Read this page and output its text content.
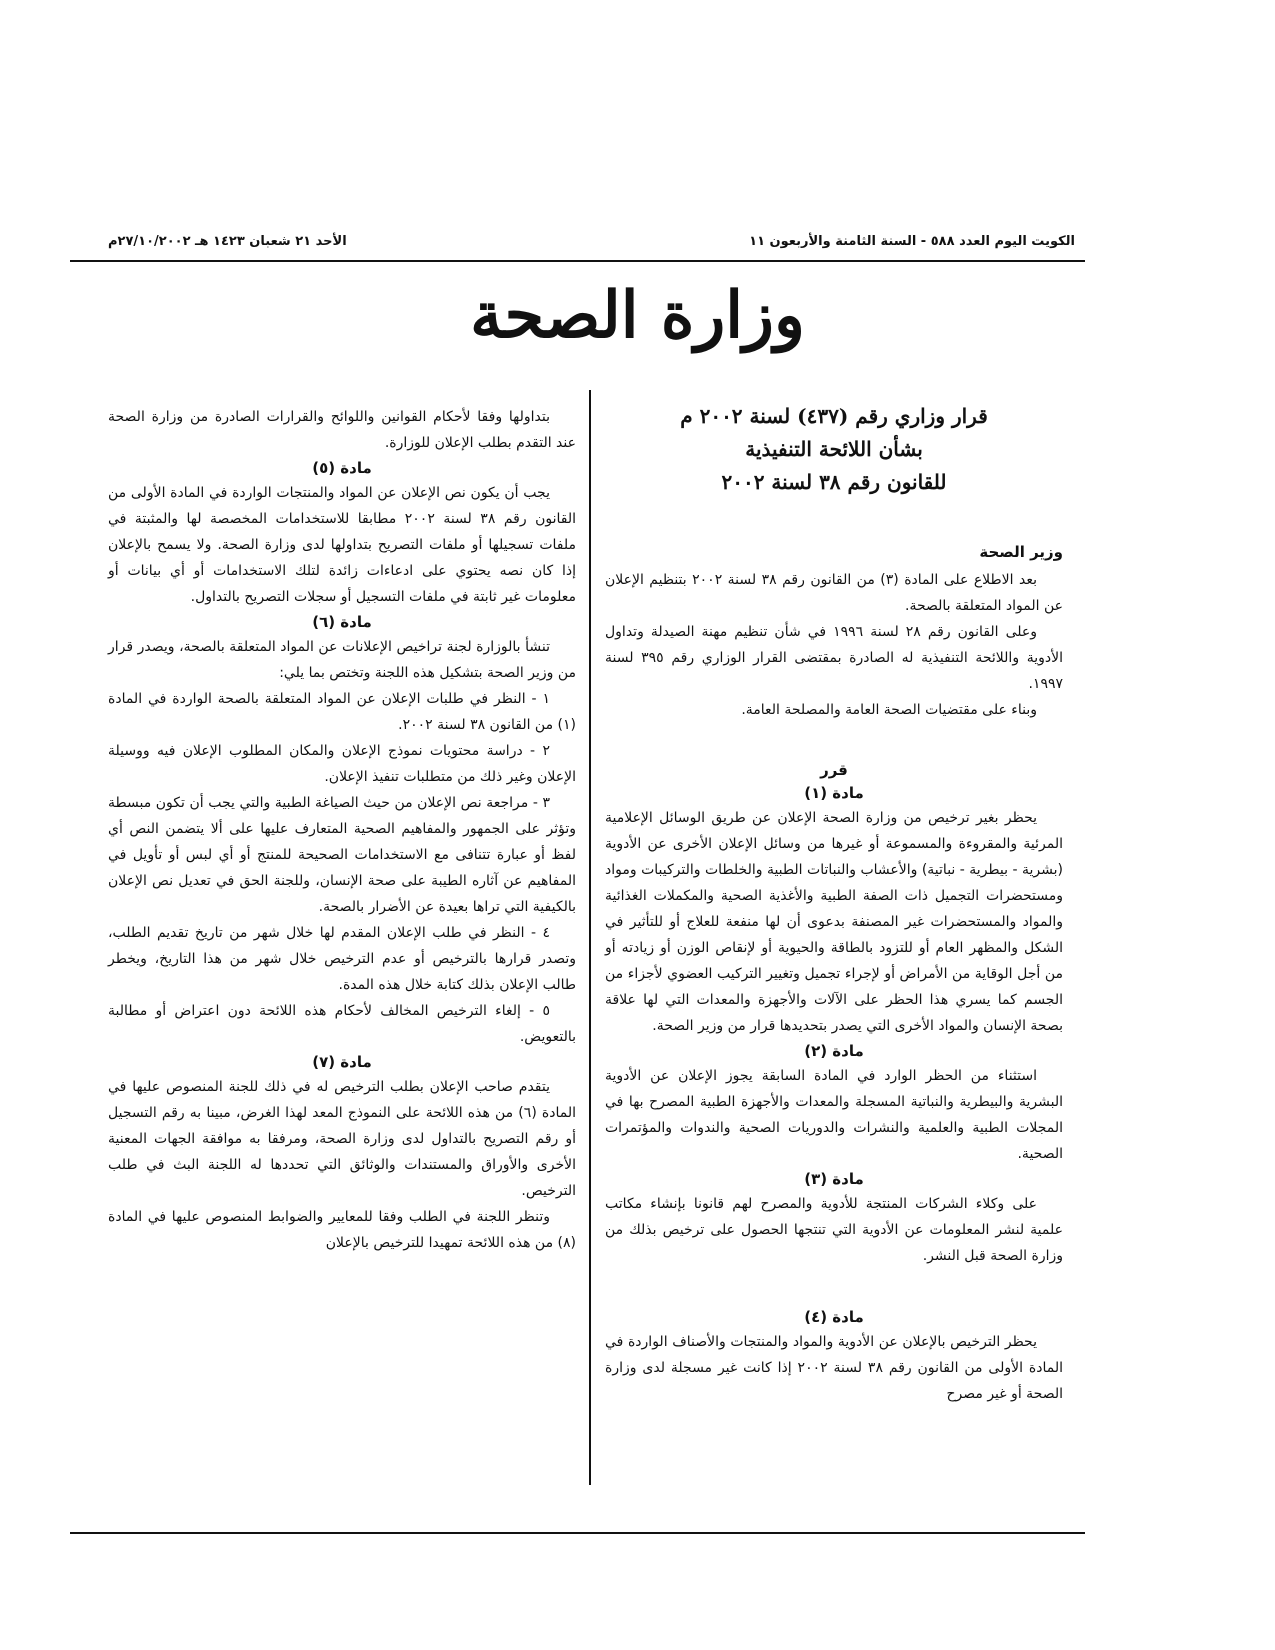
الكويت اليوم العدد ٥٨٨ - السنة الثامنة والأربعون ١١
الأحد ٢١ شعبان ١٤٢٣ هـ ٢٧/١٠/٢٠٠٢م
وزارة الصحة

قرار وزاري رقم (٤٣٧) لسنة ٢٠٠٢ م
بشأن اللائحة التنفيذية
للقانون رقم ٣٨ لسنة ٢٠٠٢

وزير الصحة

بعد الاطلاع على المادة (٣) من القانون رقم ٣٨ لسنة ٢٠٠٢ بتنظيم الإعلان عن المواد المتعلقة بالصحة.

وعلى القانون رقم ٢٨ لسنة ١٩٩٦ في شأن تنظيم مهنة الصيدلة وتداول الأدوية واللائحة التنفيذية له الصادرة بمقتضى القرار الوزاري رقم ٣٩٥ لسنة ١٩٩٧.

وبناء على مقتضيات الصحة العامة والمصلحة العامة.

قرر

مادة (١)

يحظر بغير ترخيص من وزارة الصحة الإعلان عن طريق الوسائل الإعلامية المرئية والمقروءة والمسموعة أو غيرها من وسائل الإعلان الأخرى عن الأدوية (بشرية - بيطرية - نباتية) والأعشاب والنباتات الطبية والخلطات والتركيبات ومواد ومستحضرات التجميل ذات الصفة الطبية والأغذية الصحية والمكملات الغذائية والمواد والمستحضرات غير المصنفة بدعوى أن لها منفعة للعلاج أو للتأثير في الشكل والمظهر العام أو للتزود بالطاقة والحيوية أو لإنقاص الوزن أو زيادته أو من أجل الوقاية من الأمراض أو لإجراء تجميل وتغيير التركيب العضوي لأجزاء من الجسم كما يسري هذا الحظر على الآلات والأجهزة والمعدات التي لها علاقة بصحة الإنسان والمواد الأخرى التي يصدر بتحديدها قرار من وزير الصحة.

مادة (٢)

استثناء من الحظر الوارد في المادة السابقة يجوز الإعلان عن الأدوية البشرية والبيطرية والنباتية المسجلة والمعدات والأجهزة الطبية المصرح بها في المجلات الطبية والعلمية والنشرات والدوريات الصحية والندوات والمؤتمرات الصحية.

مادة (٣)

على وكلاء الشركات المنتجة للأدوية والمصرح لهم قانونا بإنشاء مكاتب علمية لنشر المعلومات عن الأدوية التي تنتجها الحصول على ترخيص بذلك من وزارة الصحة قبل النشر.

مادة (٤)

يحظر الترخيص بالإعلان عن الأدوية والمواد والمنتجات والأصناف الواردة في المادة الأولى من القانون رقم ٣٨ لسنة ٢٠٠٢ إذا كانت غير مسجلة لدى وزارة الصحة أو غير مصرح

بتداولها وفقا لأحكام القوانين واللوائح والقرارات الصادرة من وزارة الصحة عند التقدم بطلب الإعلان للوزارة.

مادة (٥)

يجب أن يكون نص الإعلان عن المواد والمنتجات الواردة في المادة الأولى من القانون رقم ٣٨ لسنة ٢٠٠٢ مطابقا للاستخدامات المخصصة لها والمثبتة في ملفات تسجيلها أو ملفات التصريح بتداولها لدى وزارة الصحة. ولا يسمح بالإعلان إذا كان نصه يحتوي على ادعاءات زائدة لتلك الاستخدامات أو أي بيانات أو معلومات غير ثابتة في ملفات التسجيل أو سجلات التصريح بالتداول.

مادة (٦)

تنشأ بالوزارة لجنة تراخيص الإعلانات عن المواد المتعلقة بالصحة، ويصدر قرار من وزير الصحة بتشكيل هذه اللجنة وتختص بما يلي:

١ - النظر في طلبات الإعلان عن المواد المتعلقة بالصحة الواردة في المادة (١) من القانون ٣٨ لسنة ٢٠٠٢.

٢ - دراسة محتويات نموذج الإعلان والمكان المطلوب الإعلان فيه ووسيلة الإعلان وغير ذلك من متطلبات تنفيذ الإعلان.

٣ - مراجعة نص الإعلان من حيث الصياغة الطبية والتي يجب أن تكون مبسطة وتؤثر على الجمهور والمفاهيم الصحية المتعارف عليها على ألا يتضمن النص أي لفظ أو عبارة تتنافى مع الاستخدامات الصحيحة للمنتج أو أي لبس أو تأويل في المفاهيم عن آثاره الطيبة على صحة الإنسان، وللجنة الحق في تعديل نص الإعلان بالكيفية التي تراها بعيدة عن الأضرار بالصحة.

٤ - النظر في طلب الإعلان المقدم لها خلال شهر من تاريخ تقديم الطلب، وتصدر قرارها بالترخيص أو عدم الترخيص خلال شهر من هذا التاريخ، ويخطر طالب الإعلان بذلك كتابة خلال هذه المدة.

٥ - إلغاء الترخيص المخالف لأحكام هذه اللائحة دون اعتراض أو مطالبة بالتعويض.

مادة (٧)

يتقدم صاحب الإعلان بطلب الترخيص له في ذلك للجنة المنصوص عليها في المادة (٦) من هذه اللائحة على النموذج المعد لهذا الغرض، مبينا به رقم التسجيل أو رقم التصريح بالتداول لدى وزارة الصحة، ومرفقا به موافقة الجهات المعنية الأخرى والأوراق والمستندات والوثائق التي تحددها له اللجنة البث في طلب الترخيص.

وتنظر اللجنة في الطلب وفقا للمعايير والضوابط المنصوص عليها في المادة (٨) من هذه اللائحة تمهيدا للترخيص بالإعلان
